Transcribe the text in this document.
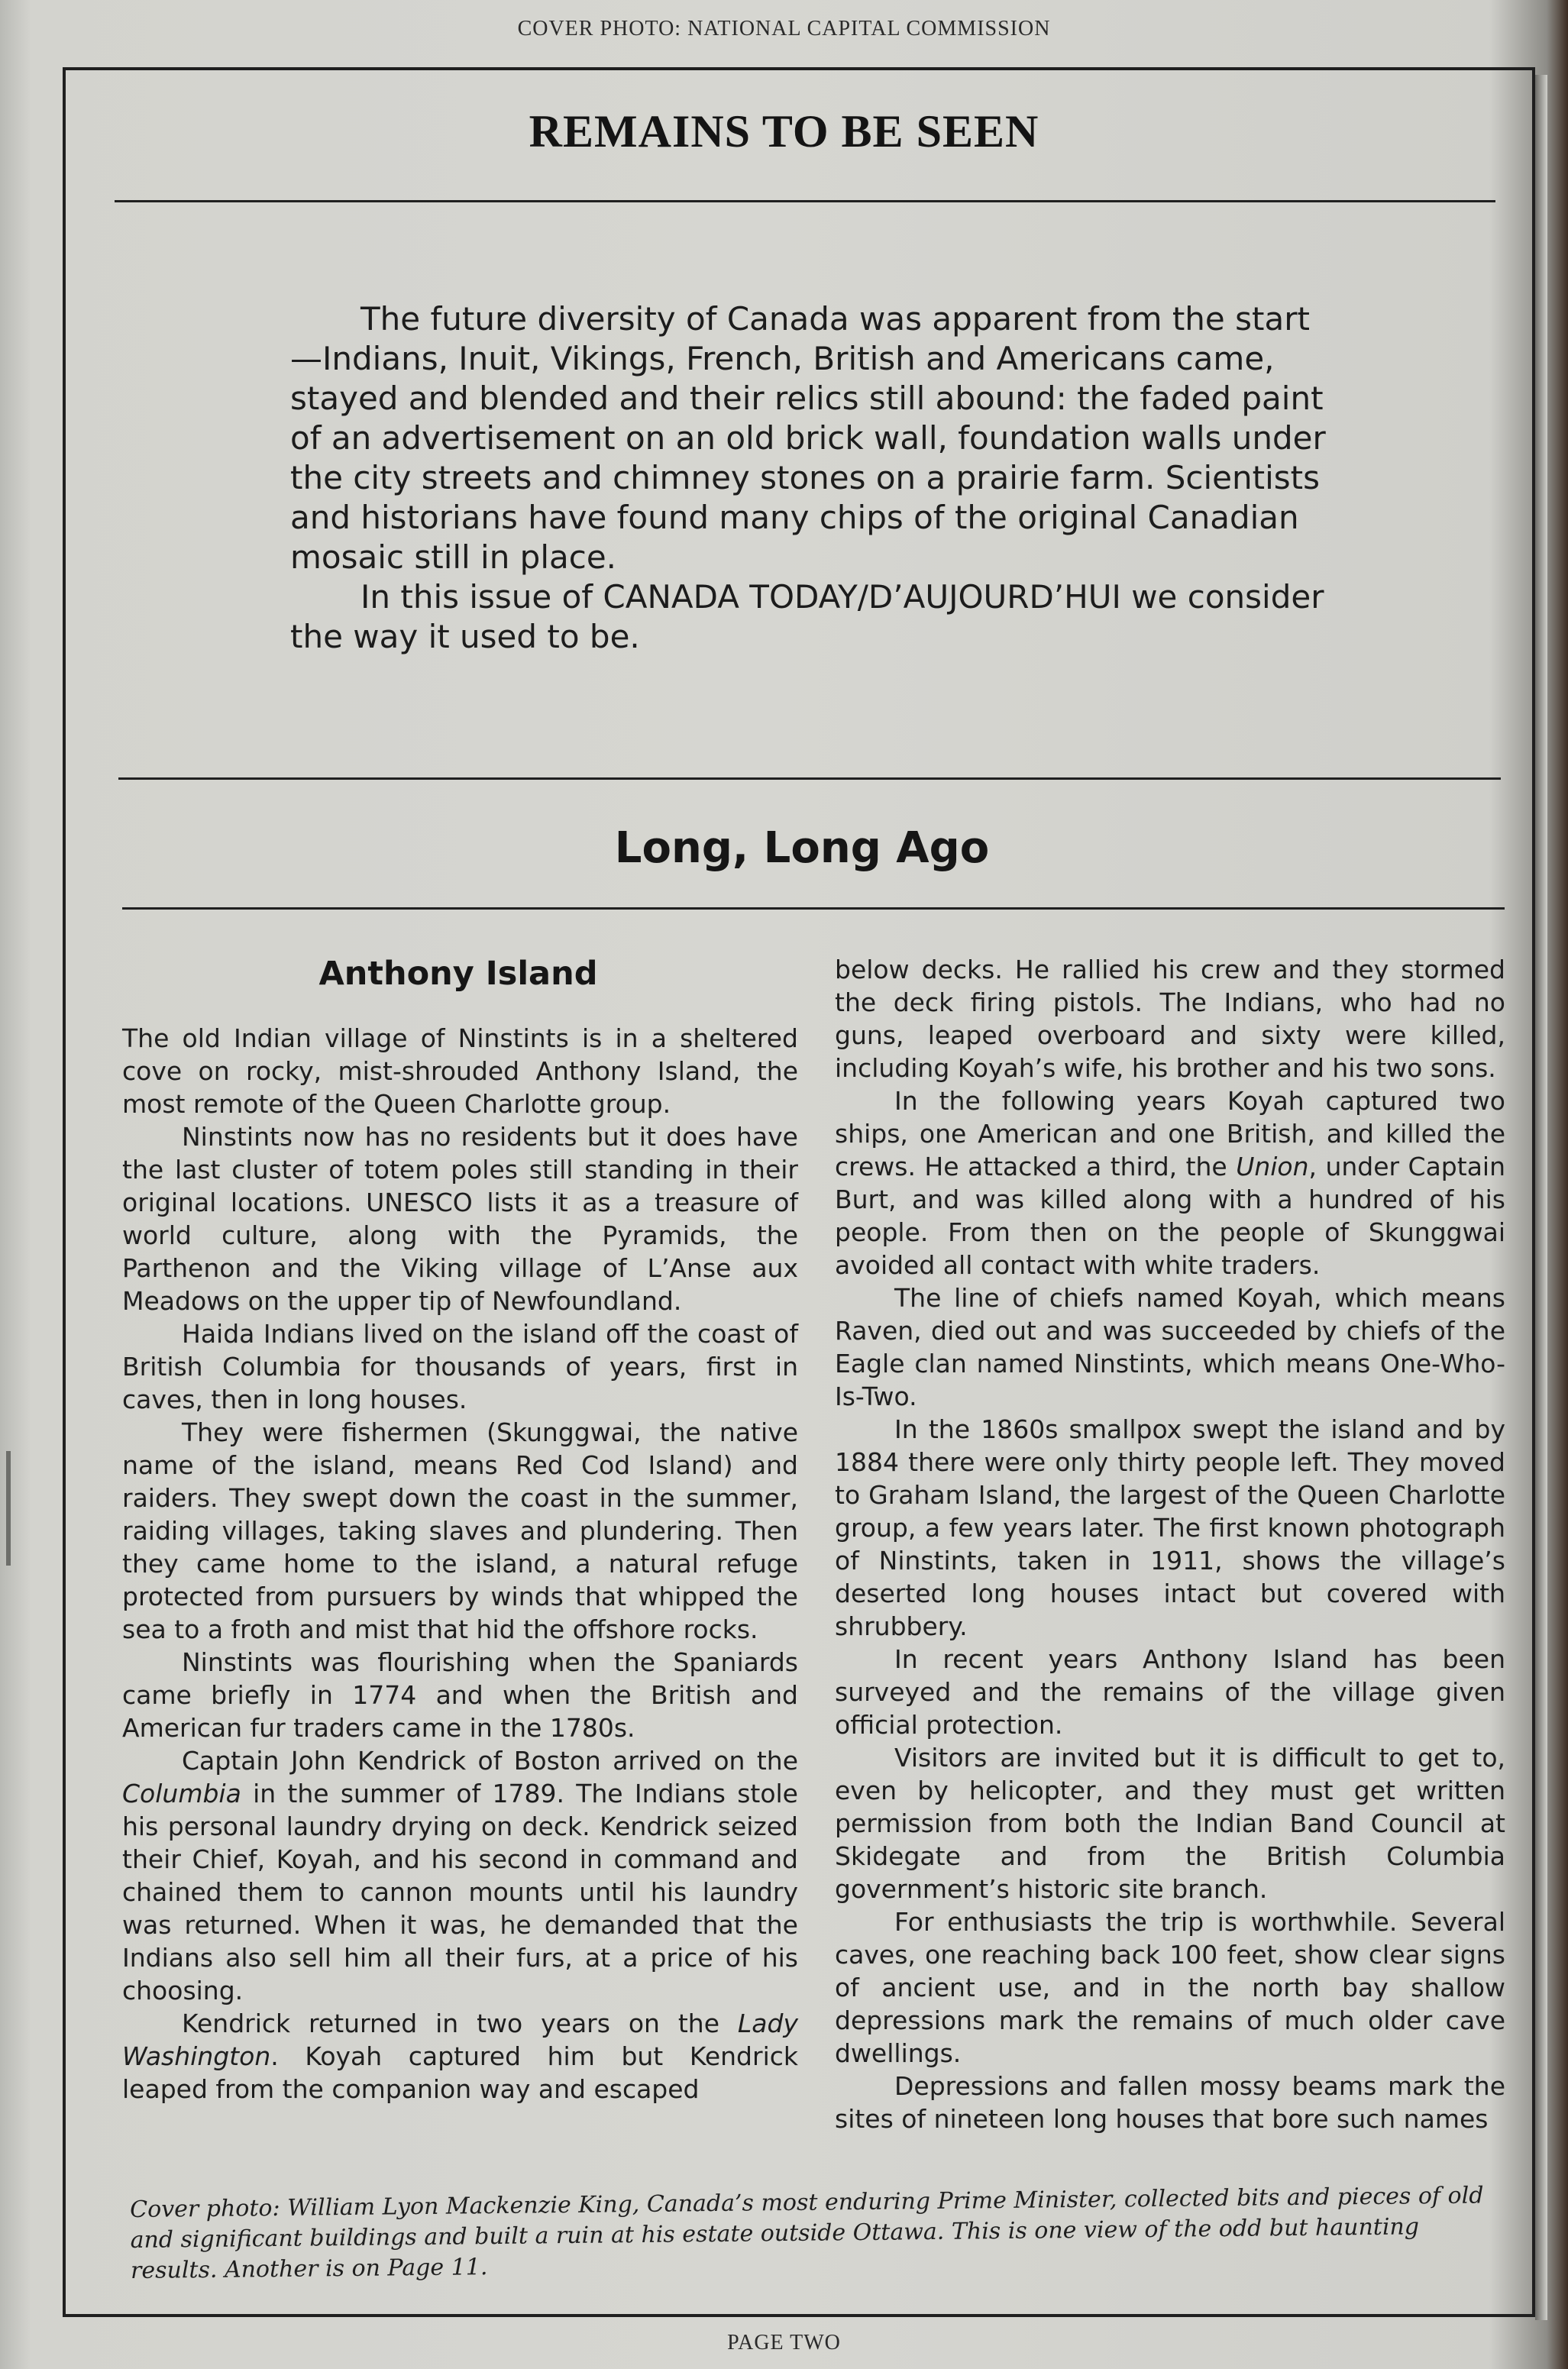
COVER PHOTO: NATIONAL CAPITAL COMMISSION
REMAINS TO BE SEEN

The future diversity of Canada was apparent from the start—Indians, Inuit, Vikings, French, British and Americans came, stayed and blended and their relics still abound: the faded paint of an advertisement on an old brick wall, foundation walls under the city streets and chimney stones on a prairie farm. Scientists and historians have found many chips of the original Canadian mosaic still in place.

In this issue of CANADA TODAY/D’AUJOURD’HUI we consider the way it used to be.

Long, Long Ago
Anthony Island

The old Indian village of Ninstints is in a sheltered cove on rocky, mist-shrouded Anthony Island, the most remote of the Queen Charlotte group.

Ninstints now has no residents but it does have the last cluster of totem poles still standing in their original locations. UNESCO lists it as a treasure of world culture, along with the Pyramids, the Parthenon and the Viking village of L’Anse aux Meadows on the upper tip of Newfoundland.

Haida Indians lived on the island off the coast of British Columbia for thousands of years, first in caves, then in long houses.

They were fishermen (Skunggwai, the native name of the island, means Red Cod Island) and raiders. They swept down the coast in the summer, raiding villages, taking slaves and plundering. Then they came home to the island, a natural refuge protected from pursuers by winds that whipped the sea to a froth and mist that hid the offshore rocks.

Ninstints was flourishing when the Spaniards came briefly in 1774 and when the British and American fur traders came in the 1780s.

Captain John Kendrick of Boston arrived on the Columbia in the summer of 1789. The Indians stole his personal laundry drying on deck. Kendrick seized their Chief, Koyah, and his second in command and chained them to cannon mounts until his laundry was returned. When it was, he demanded that the Indians also sell him all their furs, at a price of his choosing.

Kendrick returned in two years on the Lady Washington. Koyah captured him but Kendrick leaped from the companion way and escaped

below decks. He rallied his crew and they stormed the deck firing pistols. The Indians, who had no guns, leaped overboard and sixty were killed, including Koyah’s wife, his brother and his two sons.

In the following years Koyah captured two ships, one American and one British, and killed the crews. He attacked a third, the Union, under Captain Burt, and was killed along with a hundred of his people. From then on the people of Skunggwai avoided all contact with white traders.

The line of chiefs named Koyah, which means Raven, died out and was succeeded by chiefs of the Eagle clan named Ninstints, which means One-Who-Is-Two.

In the 1860s smallpox swept the island and by 1884 there were only thirty people left. They moved to Graham Island, the largest of the Queen Charlotte group, a few years later. The first known photograph of Ninstints, taken in 1911, shows the village’s deserted long houses intact but covered with shrubbery.

In recent years Anthony Island has been surveyed and the remains of the village given official protection.

Visitors are invited but it is difficult to get to, even by helicopter, and they must get written permission from both the Indian Band Council at Skidegate and from the British Columbia government’s historic site branch.

For enthusiasts the trip is worthwhile. Several caves, one reaching back 100 feet, show clear signs of ancient use, and in the north bay shallow depressions mark the remains of much older cave dwellings.

Depressions and fallen mossy beams mark the sites of nineteen long houses that bore such names

Cover photo: William Lyon Mackenzie King, Canada’s most enduring Prime Minister, collected bits and pieces of old and significant buildings and built a ruin at his estate outside Ottawa. This is one view of the odd but haunting results. Another is on Page 11.
PAGE TWO
